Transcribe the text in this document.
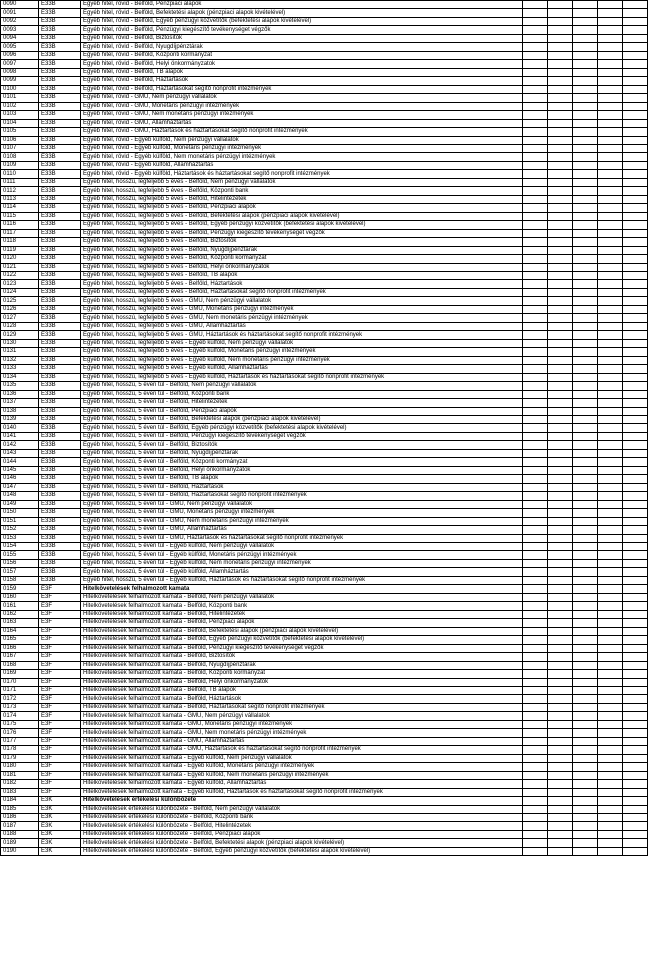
0090	E33B	Egyéb hitel, rövid - Belföld, Pénzpiaci alapok					
0091	E33B	Egyéb hitel, rövid - Belföld, Befektetési alapok (pénzpiaci alapok kivételével)					
0092	E33B	Egyéb hitel, rövid - Belföld, Egyéb pénzügyi közvetítők (befektetési alapok kivételével)					
0093	E33B	Egyéb hitel, rövid - Belföld, Pénzügyi kiegészítő tevékenységet végzők					
0094	E33B	Egyéb hitel, rövid - Belföld, Biztosítók					
0095	E33B	Egyéb hitel, rövid - Belföld, Nyugdíjpénztárak					
0096	E33B	Egyéb hitel, rövid - Belföld, Központi kormányzat					
0097	E33B	Egyéb hitel, rövid - Belföld, Helyi önkormányzatok					
0098	E33B	Egyéb hitel, rövid - Belföld, TB alapok					
0099	E33B	Egyéb hitel, rövid - Belföld, Háztartások					
0100	E33B	Egyéb hitel, rövid - Belföld, Háztartásokat segítő nonprofit intézmények					
0101	E33B	Egyéb hitel, rövid - GMU, Nem pénzügyi vállalatok					
0102	E33B	Egyéb hitel, rövid - GMU, Monetáris pénzügyi intézmények					
0103	E33B	Egyéb hitel, rövid - GMU, Nem monetáris pénzügyi intézmények					
0104	E33B	Egyéb hitel, rövid - GMU, Államháztartás					
0105	E33B	Egyéb hitel, rövid - GMU, Háztartások és háztartásokat segítő nonprofit intézmények					
0106	E33B	Egyéb hitel, rövid - Egyéb külföld, Nem pénzügyi vállalatok					
0107	E33B	Egyéb hitel, rövid - Egyéb külföld, Monetáris pénzügyi intézmények					
0108	E33B	Egyéb hitel, rövid - Egyéb külföld, Nem monetáris pénzügyi intézmények					
0109	E33B	Egyéb hitel, rövid - Egyéb külföld, Államháztartás					
0110	E33B	Egyéb hitel, rövid - Egyéb külföld, Háztartások és háztartásokat segítő nonprofit intézmények					
0111	E33B	Egyéb hitel, hosszú, legfeljebb 5 éves - Belföld, Nem pénzügyi vállalatok					
0112	E33B	Egyéb hitel, hosszú, legfeljebb 5 éves - Belföld, Központi bank					
0113	E33B	Egyéb hitel, hosszú, legfeljebb 5 éves - Belföld, Hitelintézetek					
0114	E33B	Egyéb hitel, hosszú, legfeljebb 5 éves - Belföld, Pénzpiaci alapok					
0115	E33B	Egyéb hitel, hosszú, legfeljebb 5 éves - Belföld, Befektetési alapok (pénzpiaci alapok kivételével)					
0116	E33B	Egyéb hitel, hosszú, legfeljebb 5 éves - Belföld, Egyéb pénzügyi közvetítők (befektetési alapok kivételével)					
0117	E33B	Egyéb hitel, hosszú, legfeljebb 5 éves - Belföld, Pénzügyi kiegészítő tevékenységet végzők					
0118	E33B	Egyéb hitel, hosszú, legfeljebb 5 éves - Belföld, Biztosítók					
0119	E33B	Egyéb hitel, hosszú, legfeljebb 5 éves - Belföld, Nyugdíjpénztárak					
0120	E33B	Egyéb hitel, hosszú, legfeljebb 5 éves - Belföld, Központi kormányzat					
0121	E33B	Egyéb hitel, hosszú, legfeljebb 5 éves - Belföld, Helyi önkormányzatok					
0122	E33B	Egyéb hitel, hosszú, legfeljebb 5 éves - Belföld, TB alapok					
0123	E33B	Egyéb hitel, hosszú, legfeljebb 5 éves - Belföld, Háztartások					
0124	E33B	Egyéb hitel, hosszú, legfeljebb 5 éves - Belföld, Háztartásokat segítő nonprofit intézmények					
0125	E33B	Egyéb hitel, hosszú, legfeljebb 5 éves - GMU, Nem pénzügyi vállalatok					
0126	E33B	Egyéb hitel, hosszú, legfeljebb 5 éves - GMU, Monetáris pénzügyi intézmények					
0127	E33B	Egyéb hitel, hosszú, legfeljebb 5 éves - GMU, Nem monetáris pénzügyi intézmények					
0128	E33B	Egyéb hitel, hosszú, legfeljebb 5 éves - GMU, Államháztartás					
0129	E33B	Egyéb hitel, hosszú, legfeljebb 5 éves - GMU, Háztartások és háztartásokat segítő nonprofit intézmények					
0130	E33B	Egyéb hitel, hosszú, legfeljebb 5 éves - Egyéb külföld, Nem pénzügyi vállalatok					
0131	E33B	Egyéb hitel, hosszú, legfeljebb 5 éves - Egyéb külföld, Monetáris pénzügyi intézmények					
0132	E33B	Egyéb hitel, hosszú, legfeljebb 5 éves - Egyéb külföld, Nem monetáris pénzügyi intézmények					
0133	E33B	Egyéb hitel, hosszú, legfeljebb 5 éves - Egyéb külföld, Államháztartás					
0134	E33B	Egyéb hitel, hosszú, legfeljebb 5 éves - Egyéb külföld, Háztartások és háztartásokat segítő nonprofit intézmények					
0135	E33B	Egyéb hitel, hosszú, 5 éven túl - Belföld, Nem pénzügyi vállalatok					
0136	E33B	Egyéb hitel, hosszú, 5 éven túl - Belföld, Központi bank					
0137	E33B	Egyéb hitel, hosszú, 5 éven túl - Belföld, Hitelintézetek					
0138	E33B	Egyéb hitel, hosszú, 5 éven túl - Belföld, Pénzpiaci alapok					
0139	E33B	Egyéb hitel, hosszú, 5 éven túl - Belföld, Befektetési alapok (pénzpiaci alapok kivételével)					
0140	E33B	Egyéb hitel, hosszú, 5 éven túl - Belföld, Egyéb pénzügyi közvetítők (befektetési alapok kivételével)					
0141	E33B	Egyéb hitel, hosszú, 5 éven túl - Belföld, Pénzügyi kiegészítő tevékenységet végzők					
0142	E33B	Egyéb hitel, hosszú, 5 éven túl - Belföld, Biztosítók					
0143	E33B	Egyéb hitel, hosszú, 5 éven túl - Belföld, Nyugdíjpénztárak					
0144	E33B	Egyéb hitel, hosszú, 5 éven túl - Belföld, Központi kormányzat					
0145	E33B	Egyéb hitel, hosszú, 5 éven túl - Belföld, Helyi önkormányzatok					
0146	E33B	Egyéb hitel, hosszú, 5 éven túl - Belföld, TB alapok					
0147	E33B	Egyéb hitel, hosszú, 5 éven túl - Belföld, Háztartások					
0148	E33B	Egyéb hitel, hosszú, 5 éven túl - Belföld, Háztartásokat segítő nonprofit intézmények					
0149	E33B	Egyéb hitel, hosszú, 5 éven túl - GMU, Nem pénzügyi vállalatok					
0150	E33B	Egyéb hitel, hosszú, 5 éven túl - GMU, Monetáris pénzügyi intézmények					
0151	E33B	Egyéb hitel, hosszú, 5 éven túl - GMU, Nem monetáris pénzügyi intézmények					
0152	E33B	Egyéb hitel, hosszú, 5 éven túl - GMU, Államháztartás					
0153	E33B	Egyéb hitel, hosszú, 5 éven túl - GMU, Háztartások és háztartásokat segítő nonprofit intézmények					
0154	E33B	Egyéb hitel, hosszú, 5 éven túl - Egyéb külföld, Nem pénzügyi vállalatok					
0155	E33B	Egyéb hitel, hosszú, 5 éven túl - Egyéb külföld, Monetáris pénzügyi intézmények					
0156	E33B	Egyéb hitel, hosszú, 5 éven túl - Egyéb külföld, Nem monetáris pénzügyi intézmények					
0157	E33B	Egyéb hitel, hosszú, 5 éven túl - Egyéb külföld, Államháztartás					
0158	E33B	Egyéb hitel, hosszú, 5 éven túl - Egyéb külföld, Háztartások és háztartásokat segítő nonprofit intézmények					
0159	E3F	Hitelkövetelések felhalmozott kamata					
0160	E3F	Hitelkövetelések felhalmozott kamata - Belföld, Nem pénzügyi vállalatok					
0161	E3F	Hitelkövetelések felhalmozott kamata - Belföld, Központi bank					
0162	E3F	Hitelkövetelések felhalmozott kamata - Belföld, Hitelintézetek					
0163	E3F	Hitelkövetelések felhalmozott kamata - Belföld, Pénzpiaci alapok					
0164	E3F	Hitelkövetelések felhalmozott kamata - Belföld, Befektetési alapok (pénzpiaci alapok kivételével)					
0165	E3F	Hitelkövetelések felhalmozott kamata - Belföld, Egyéb pénzügyi közvetítők (befektetési alapok kivételével)					
0166	E3F	Hitelkövetelések felhalmozott kamata - Belföld, Pénzügyi kiegészítő tevékenységet végzők					
0167	E3F	Hitelkövetelések felhalmozott kamata - Belföld, Biztosítók					
0168	E3F	Hitelkövetelések felhalmozott kamata - Belföld, Nyugdíjpénztárak					
0169	E3F	Hitelkövetelések felhalmozott kamata - Belföld, Központi kormányzat					
0170	E3F	Hitelkövetelések felhalmozott kamata - Belföld, Helyi önkormányzatok					
0171	E3F	Hitelkövetelések felhalmozott kamata - Belföld, TB alapok					
0172	E3F	Hitelkövetelések felhalmozott kamata - Belföld, Háztartások					
0173	E3F	Hitelkövetelések felhalmozott kamata - Belföld, Háztartásokat segítő nonprofit intézmények					
0174	E3F	Hitelkövetelések felhalmozott kamata - GMU, Nem pénzügyi vállalatok					
0175	E3F	Hitelkövetelések felhalmozott kamata - GMU, Monetáris pénzügyi intézmények					
0176	E3F	Hitelkövetelések felhalmozott kamata - GMU, Nem monetáris pénzügyi intézmények					
0177	E3F	Hitelkövetelések felhalmozott kamata - GMU, Államháztartás					
0178	E3F	Hitelkövetelések felhalmozott kamata - GMU, Háztartások és háztartásokat segítő nonprofit intézmények					
0179	E3F	Hitelkövetelések felhalmozott kamata - Egyéb külföld, Nem pénzügyi vállalatok					
0180	E3F	Hitelkövetelések felhalmozott kamata - Egyéb külföld, Monetáris pénzügyi intézmények					
0181	E3F	Hitelkövetelések felhalmozott kamata - Egyéb külföld, Nem monetáris pénzügyi intézmények					
0182	E3F	Hitelkövetelések felhalmozott kamata - Egyéb külföld, Államháztartás					
0183	E3F	Hitelkövetelések felhalmozott kamata - Egyéb külföld, Háztartások és háztartásokat segítő nonprofit intézmények					
0184	E3K	Hitelkövetelések értékelési különbözete					
0185	E3K	Hitelkövetelések értékelési különbözete - Belföld, Nem pénzügyi vállalatok					
0186	E3K	Hitelkövetelések értékelési különbözete - Belföld, Központi bank					
0187	E3K	Hitelkövetelések értékelési különbözete - Belföld, Hitelintézetek					
0188	E3K	Hitelkövetelések értékelési különbözete - Belföld, Pénzpiaci alapok					
0189	E3K	Hitelkövetelések értékelési különbözete - Belföld, Befektetési alapok (pénzpiaci alapok kivételével)					
0190	E3K	Hitelkövetelések értékelési különbözete - Belföld, Egyéb pénzügyi közvetítők (befektetési alapok kivételével)					
